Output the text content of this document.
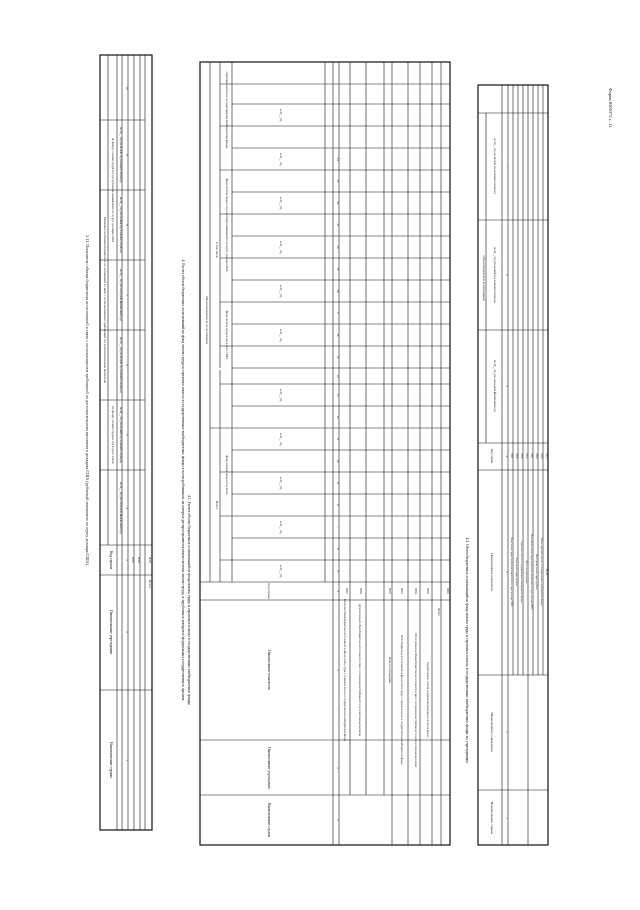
Форма 0505372 с. 11
3.11. Показатели объема бюджетных ассигнований в связи с использованием требований по дополнительным выплатам в долларах США (рублевый эквивалент по курсу доллара США)
Наименование страны
Наименование учреждения
Код строки
Показатели объема бюджетных ассигнований в связи с использованием требований по дополнительным выплатам
по фонду оплаты труда в год в долл. США
по фонду оплаты труда в год в рублевом эквиваленте по курсу доллара США
на 20__ год (на очередной финансовый год)
на 20__ год (на первый год планового периода)
на 20__ год (на второй год планового периода)
на 20__ год (на очередной финансовый год)
на 20__ год (на первый год планового периода)
на 20__ год (на второй год планового периода)
1
2
3
4
5
6
7
8
9
10
0001 0002
Всего
9000	4. Расчет объема бюджетных ассигнований на фонд оплаты труда и страховые взносы в государственные внебюджетные фонды в части работников, на которых распространяется новая система оплаты труда, в зарубежных аппаратах федеральных государственных органов 4.1. Расчет объема бюджетных ассигнований на фонд оплаты труда и страховые взносы в государственные внебюджетные фонды
Наименование страны
Наименование учреждения
Наименование показателя
Код строки
Объем бюджетных ассигнований
Всего
в том числе
фонд оплаты труда в год, всего
фонд оплаты труда в год в долл. США
фонд оплаты труда в год в рублевом эквиваленте по курсу доллара США
страховые взносы в государственные внебюджетные фонды
на 20__ год
на 20__ год
на 20__ год
на 20__ год
на 20__ год
на 20__ год
на 20__ год
на 20__ год
на 20__ год
на 20__ год
на 20__ год
1
2
3
4
5
6
7
8
9
10
11
12
13
14
15
16
17
18
19
20
21
22
23
24
Расчетный объем бюджетных ассигнований на фонд оплаты труда и страховые взносы в государственные внебюджетные фонды
0001
Дополнительный объем бюджетных ассигнований в связи с использованием требований по дополнительным выплатам
0002
Итого по учреждению
0010
Итого бюджетных ассигнований на фонд оплаты труда и страховые взносы в государственные внебюджетные фонды
9001
Итого изменение объема бюджетных ассигнований в связи с использованием требований по дополнительным выплатам
9002
Корректировка с учетом сокращения (ликвидации) штатных единиц
9003
Всего
9010	4.2. Объем бюджетных ассигнований на фонд оплаты труда и страховые взносы в государственные внебюджетные фонды по учреждениям
Наименование страны
Наименование учреждения
Наименование показателя
Код строки
Объем бюджетных ассигнований
на 20__ год (на очередной финансовый год)
на 20__ год (на первый год планового периода)
на 20__ год (на второй год планового периода)
1
2
3
4
5
6
7
Фонд оплаты труда в рублевом эквиваленте по курсу доллара США
0001
Фонд оплаты труда в рублях
0002
Страховые взносы в государственные внебюджетные фонды
0003
Итого по учреждению
0010
Итого фонд оплаты труда в рублевом эквиваленте по курсу доллара США
9001
Итого фонд оплаты труда в рублях
9002
Итого страховые взносы в государственные внебюджетные фонды
9003
Всего
9010
